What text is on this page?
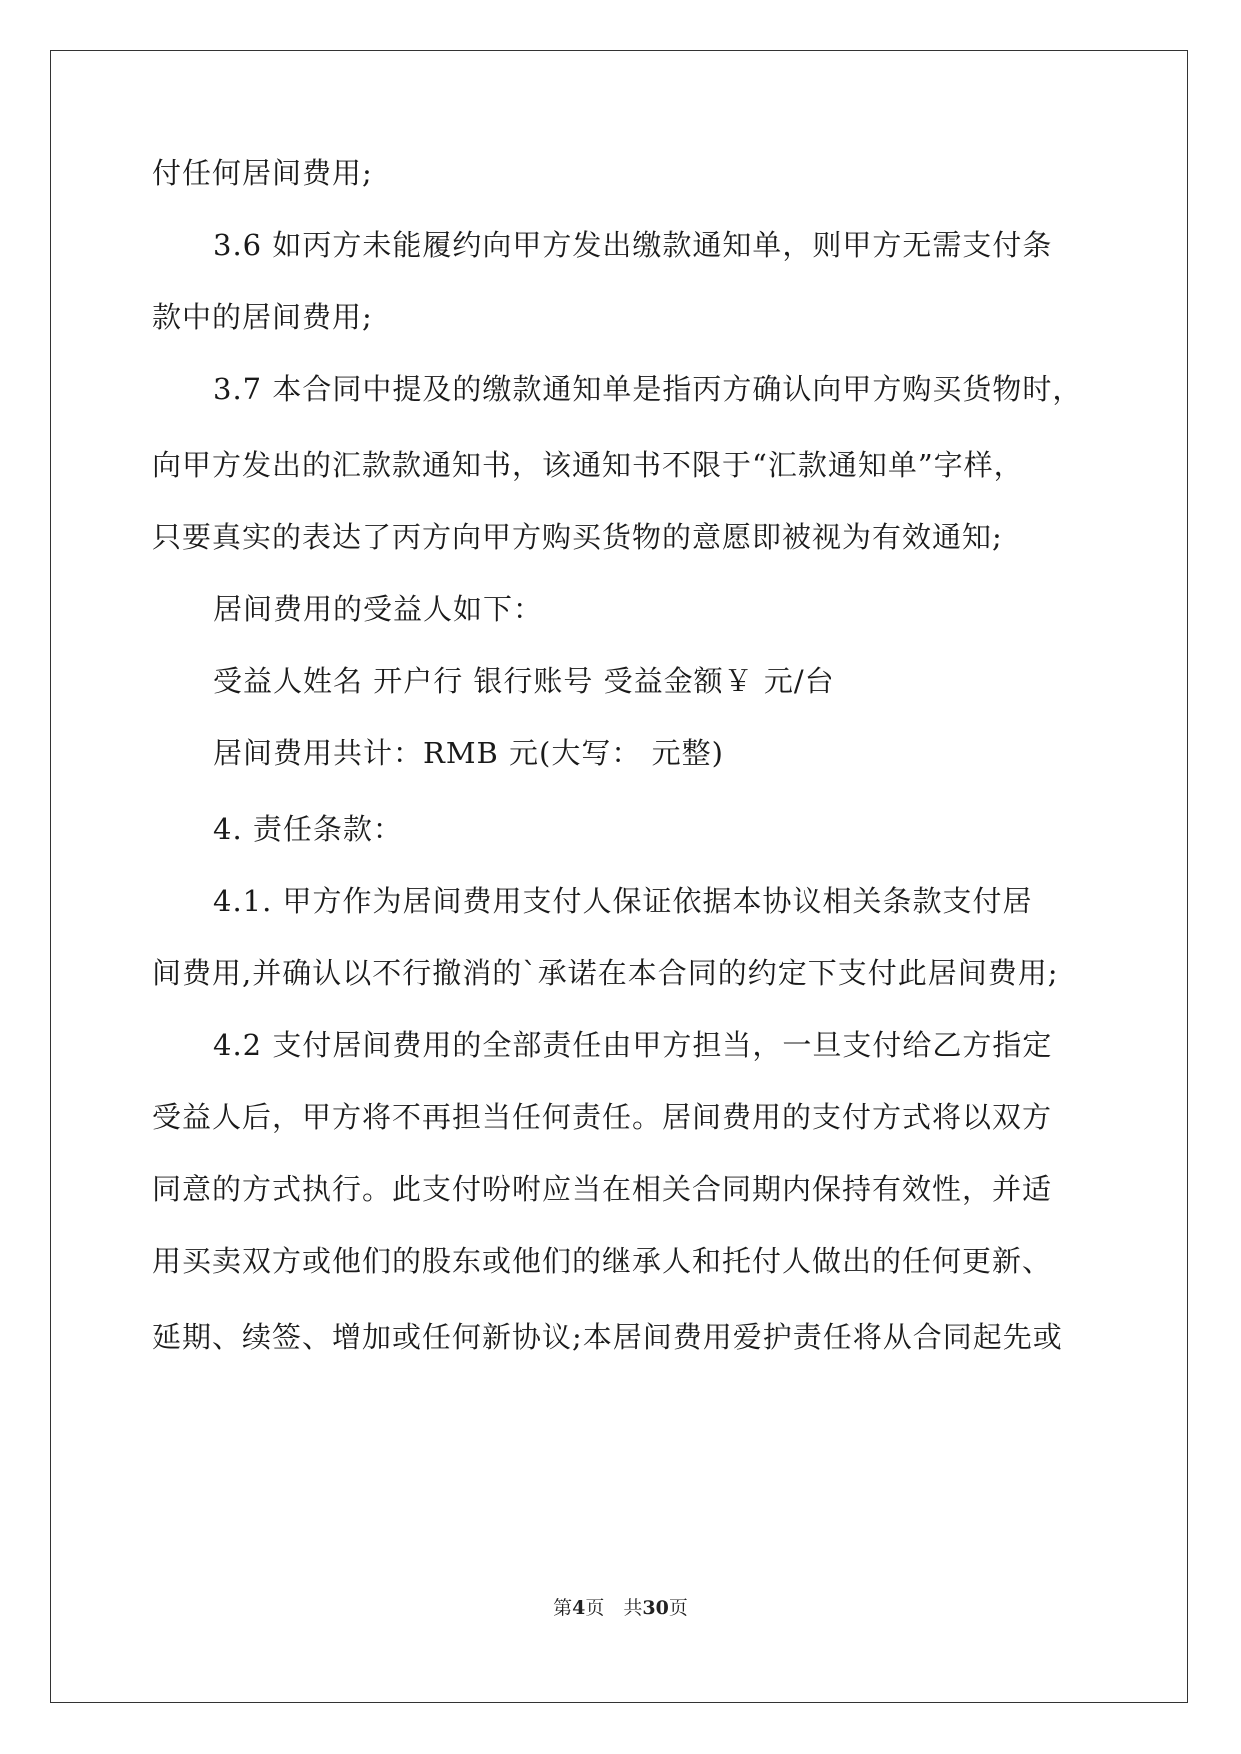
付任何居间费用;
3.6 如丙方未能履约向甲方发出缴款通知单，则甲方无需支付条
款中的居间费用;
3.7 本合同中提及的缴款通知单是指丙方确认向甲方购买货物时，
向甲方发出的汇款款通知书，该通知书不限于“汇款通知单”字样，
只要真实的表达了丙方向甲方购买货物的意愿即被视为有效通知;
居间费用的受益人如下：
受益人姓名 开户行 银行账号 受益金额￥ 元/台
居间费用共计：RMB 元(大写： 元整)
4. 责任条款：
4.1. 甲方作为居间费用支付人保证依据本协议相关条款支付居
间费用,并确认以不行撤消的`承诺在本合同的约定下支付此居间费用;
4.2 支付居间费用的全部责任由甲方担当，一旦支付给乙方指定
受益人后，甲方将不再担当任何责任。居间费用的支付方式将以双方
同意的方式执行。此支付吩咐应当在相关合同期内保持有效性，并适
用买卖双方或他们的股东或他们的继承人和托付人做出的任何更新、
延期、续签、增加或任何新协议;本居间费用爱护责任将从合同起先或
第4页　共30页
